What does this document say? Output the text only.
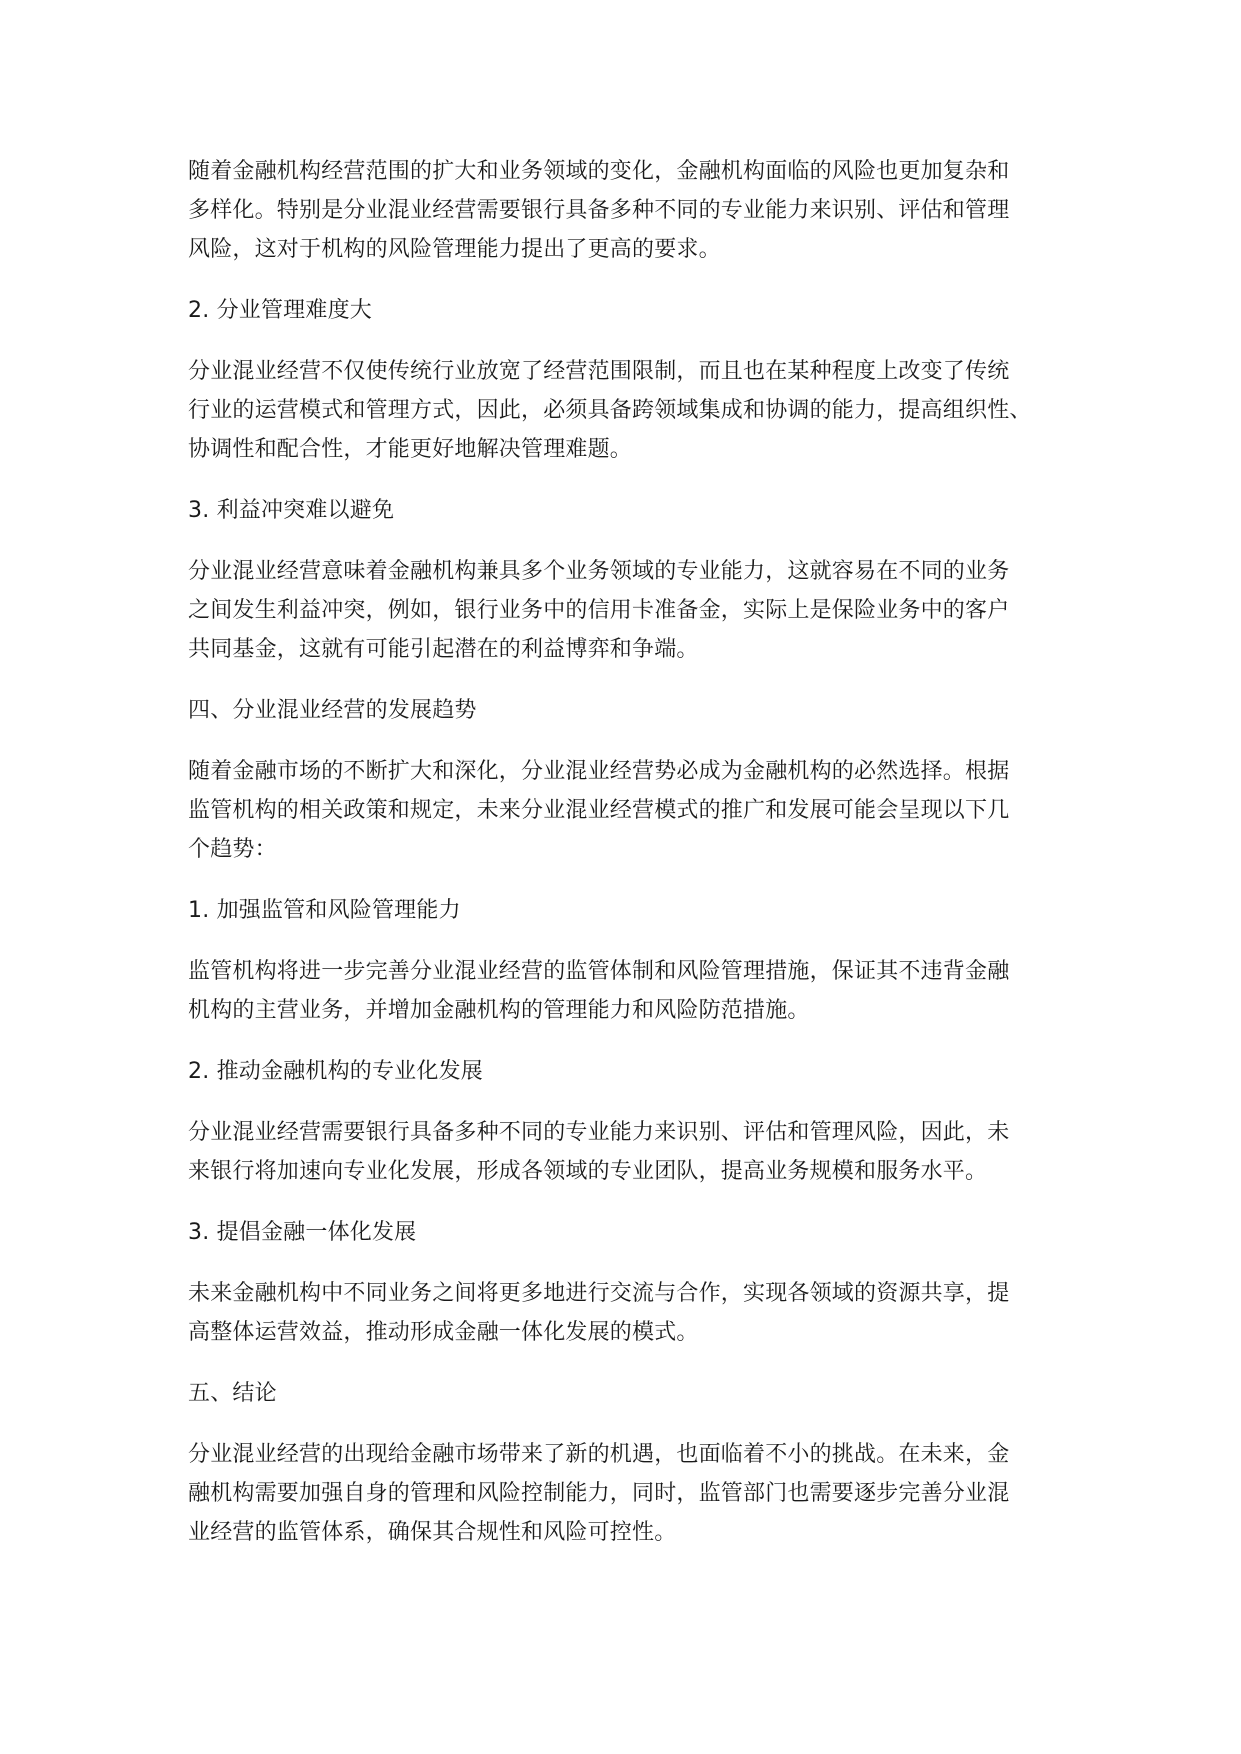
随着金融机构经营范围的扩大和业务领域的变化，金融机构面临的风险也更加复杂和
多样化。特别是分业混业经营需要银行具备多种不同的专业能力来识别、评估和管理
风险，这对于机构的风险管理能力提出了更高的要求。
2. 分业管理难度大
分业混业经营不仅使传统行业放宽了经营范围限制，而且也在某种程度上改变了传统
行业的运营模式和管理方式，因此，必须具备跨领域集成和协调的能力，提高组织性、
协调性和配合性，才能更好地解决管理难题。
3. 利益冲突难以避免
分业混业经营意味着金融机构兼具多个业务领域的专业能力，这就容易在不同的业务
之间发生利益冲突，例如，银行业务中的信用卡准备金，实际上是保险业务中的客户
共同基金，这就有可能引起潜在的利益博弈和争端。
四、分业混业经营的发展趋势
随着金融市场的不断扩大和深化，分业混业经营势必成为金融机构的必然选择。根据
监管机构的相关政策和规定，未来分业混业经营模式的推广和发展可能会呈现以下几
个趋势：
1. 加强监管和风险管理能力
监管机构将进一步完善分业混业经营的监管体制和风险管理措施，保证其不违背金融
机构的主营业务，并增加金融机构的管理能力和风险防范措施。
2. 推动金融机构的专业化发展
分业混业经营需要银行具备多种不同的专业能力来识别、评估和管理风险，因此，未
来银行将加速向专业化发展，形成各领域的专业团队，提高业务规模和服务水平。
3. 提倡金融一体化发展
未来金融机构中不同业务之间将更多地进行交流与合作，实现各领域的资源共享，提
高整体运营效益，推动形成金融一体化发展的模式。
五、结论
分业混业经营的出现给金融市场带来了新的机遇，也面临着不小的挑战。在未来，金
融机构需要加强自身的管理和风险控制能力，同时，监管部门也需要逐步完善分业混
业经营的监管体系，确保其合规性和风险可控性。
